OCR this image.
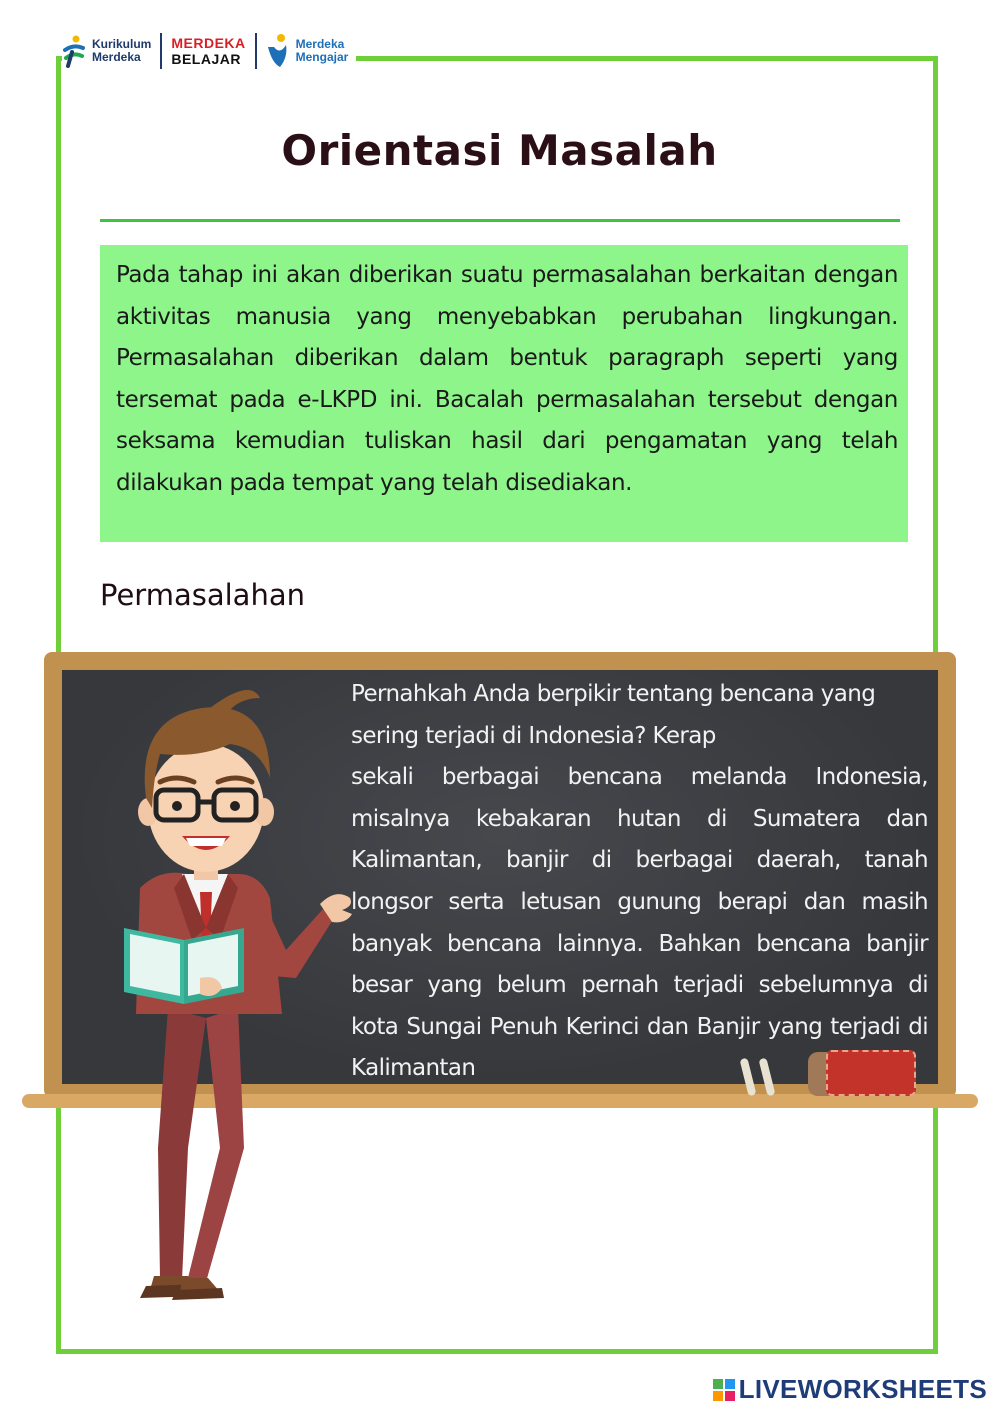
Kurikulum
Merdeka
MERDEKA
BELAJAR
Merdeka
Mengajar
Orientasi Masalah

Pada tahap ini akan diberikan suatu permasalahan berkaitan dengan aktivitas manusia yang menyebabkan perubahan lingkungan. Permasalahan diberikan dalam bentuk paragraph seperti yang tersemat pada e-LKPD ini. Bacalah permasalahan tersebut dengan seksama kemudian tuliskan hasil dari pengamatan yang telah dilakukan pada tempat yang telah disediakan.

Permasalahan

Pernahkah Anda berpikir tentang bencana yang sering terjadi di Indonesia? Kerap

sekali berbagai bencana melanda Indonesia, misalnya kebakaran hutan di Sumatera dan Kalimantan, banjir di berbagai daerah, tanah longsor serta letusan gunung berapi dan masih banyak bencana lainnya. Bahkan bencana banjir besar yang belum pernah terjadi sebelumnya di kota Sungai Penuh Kerinci dan Banjir yang terjadi di Kalimantan

LIVEWORKSHEETS
